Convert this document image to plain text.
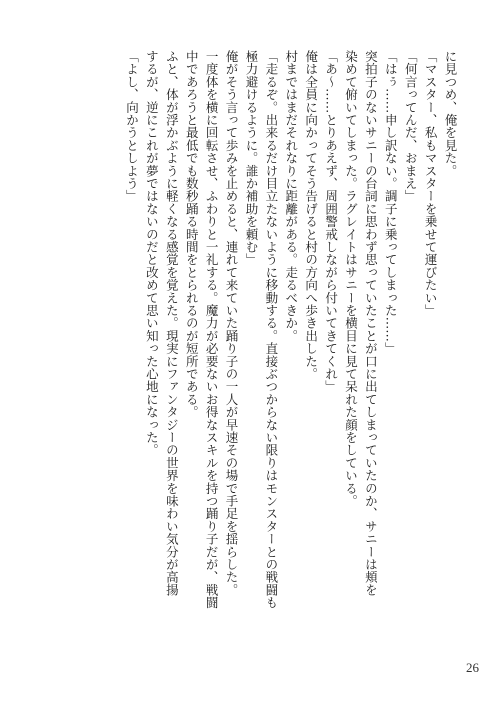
に見つめ、俺を見た。
「マスター、私もマスターを乗せて運びたい」
「何言ってんだ、おまえ」
「はぅ……申し訳ない。調子に乗ってしまった……」
突拍子のないサニーの台詞に思わず思っていたことが口に出てしまっていたのか、サニーは頬を
染めて俯いてしまった。ラグレイトはサニーを横目に見て呆れた顔をしている。
「あ～……とりあえず、周囲警戒しながら付いてきてくれ」
俺は全員に向かってそう告げると村の方向へ歩き出した。
村まではまだそれなりに距離がある。走るべきか。
「走るぞ。出来るだけ目立たないように移動する。直接ぶつからない限りはモンスターとの戦闘も
極力避けるように。誰か補助を頼む」
俺がそう言って歩みを止めると、連れて来ていた踊り子の一人が早速その場で手足を揺らした。
一度体を横に回転させ、ふわりと一礼する。魔力が必要ないお得なスキルを持つ踊り子だが、戦闘
中であろうと最低でも数秒踊る時間をとられるのが短所である。
ふと、体が浮かぶように軽くなる感覚を覚えた。現実にファンタジーの世界を味わい気分が高揚
するが、逆にこれが夢ではないのだと改めて思い知った心地になった。
「よし、向かうとしよう」
26
